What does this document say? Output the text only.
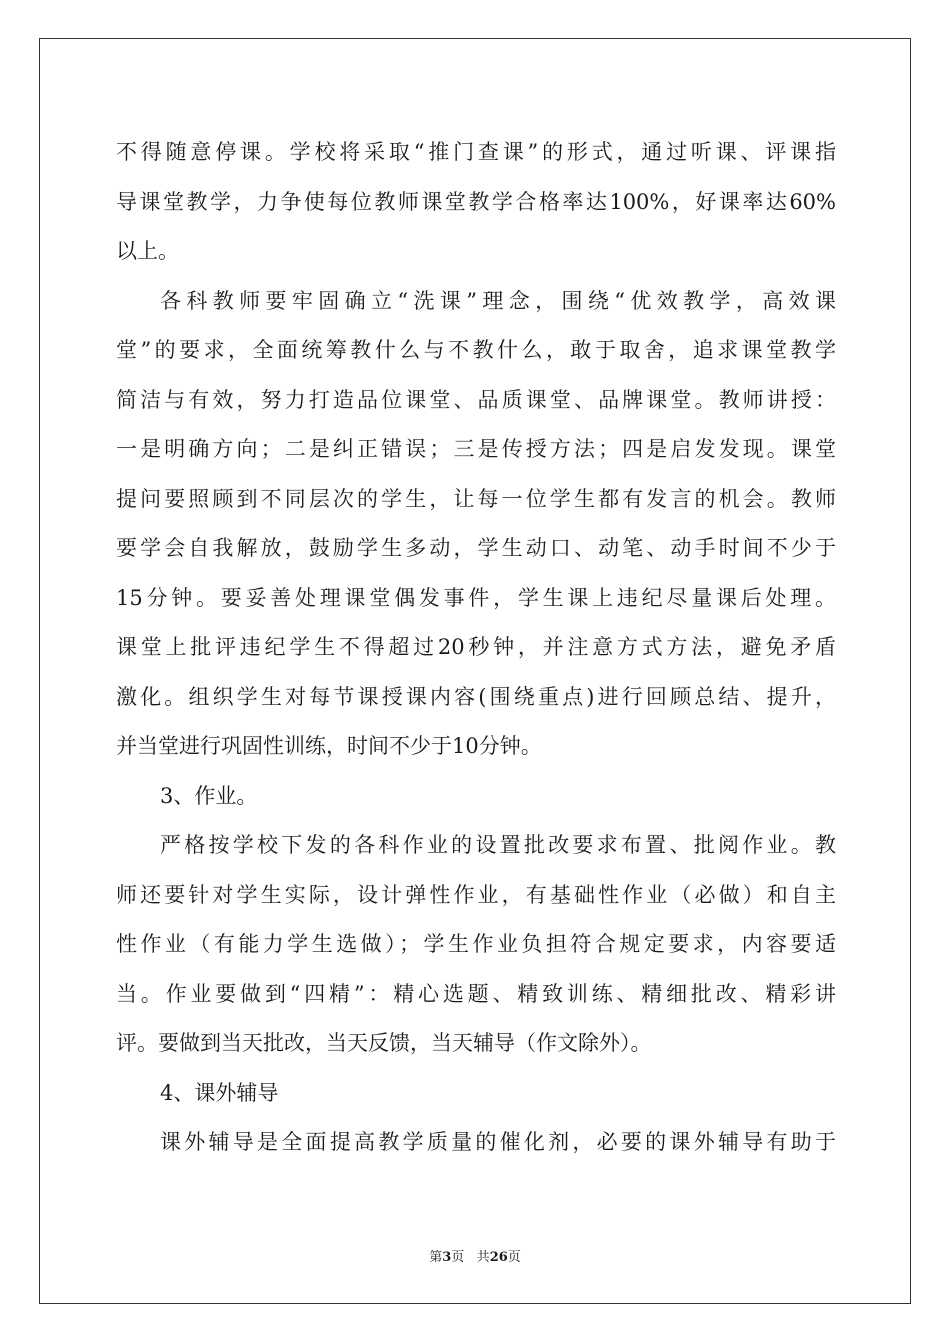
不得随意停课。学校将采取“推门查课”的形式，通过听课、评课指
导课堂教学，力争使每位教师课堂教学合格率达100%，好课率达60%
以上。
各科教师要牢固确立“洗课”理念，围绕“优效教学，高效课
堂”的要求，全面统筹教什么与不教什么，敢于取舍，追求课堂教学
简洁与有效，努力打造品位课堂、品质课堂、品牌课堂。教师讲授：
一是明确方向；二是纠正错误；三是传授方法；四是启发发现。课堂
提问要照顾到不同层次的学生，让每一位学生都有发言的机会。教师
要学会自我解放，鼓励学生多动，学生动口、动笔、动手时间不少于
15分钟。要妥善处理课堂偶发事件，学生课上违纪尽量课后处理。
课堂上批评违纪学生不得超过20秒钟，并注意方式方法，避免矛盾
激化。组织学生对每节课授课内容(围绕重点)进行回顾总结、提升，
并当堂进行巩固性训练，时间不少于10分钟。
3、作业。
严格按学校下发的各科作业的设置批改要求布置、批阅作业。教
师还要针对学生实际，设计弹性作业，有基础性作业（必做）和自主
性作业（有能力学生选做）；学生作业负担符合规定要求，内容要适
当。作业要做到“四精”：精心选题、精致训练、精细批改、精彩讲
评。要做到当天批改，当天反馈，当天辅导（作文除外）。
4、课外辅导
课外辅导是全面提高教学质量的催化剂，必要的课外辅导有助于
第3页 共26页
